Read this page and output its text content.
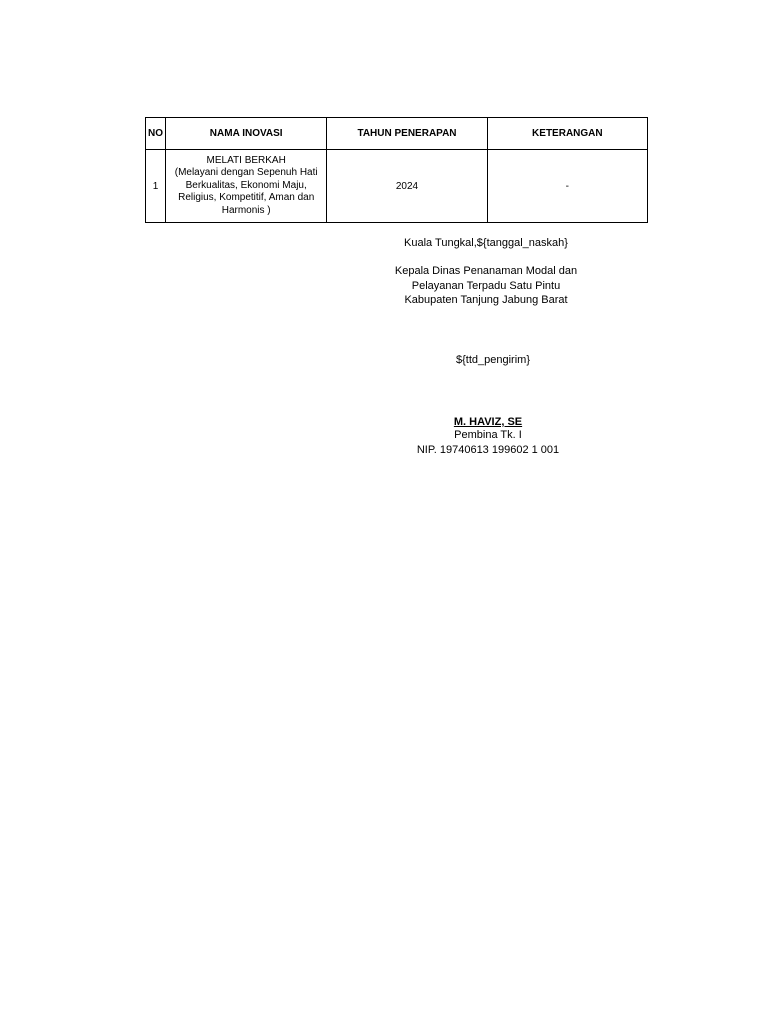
NO	NAMA INOVASI	TAHUN PENERAPAN	KETERANGAN
1	MELATI BERKAH
(Melayani dengan Sepenuh Hati
Berkualitas, Ekonomi Maju,
Religius, Kompetitif, Aman dan
Harmonis )	2024	-
Kuala Tungkal,${tanggal_naskah}
Kepala Dinas Penanaman Modal dan
Pelayanan Terpadu Satu Pintu
Kabupaten Tanjung Jabung Barat
${ttd_pengirim}
M. HAVIZ, SE
Pembina Tk. I
NIP. 19740613 199602 1 001
